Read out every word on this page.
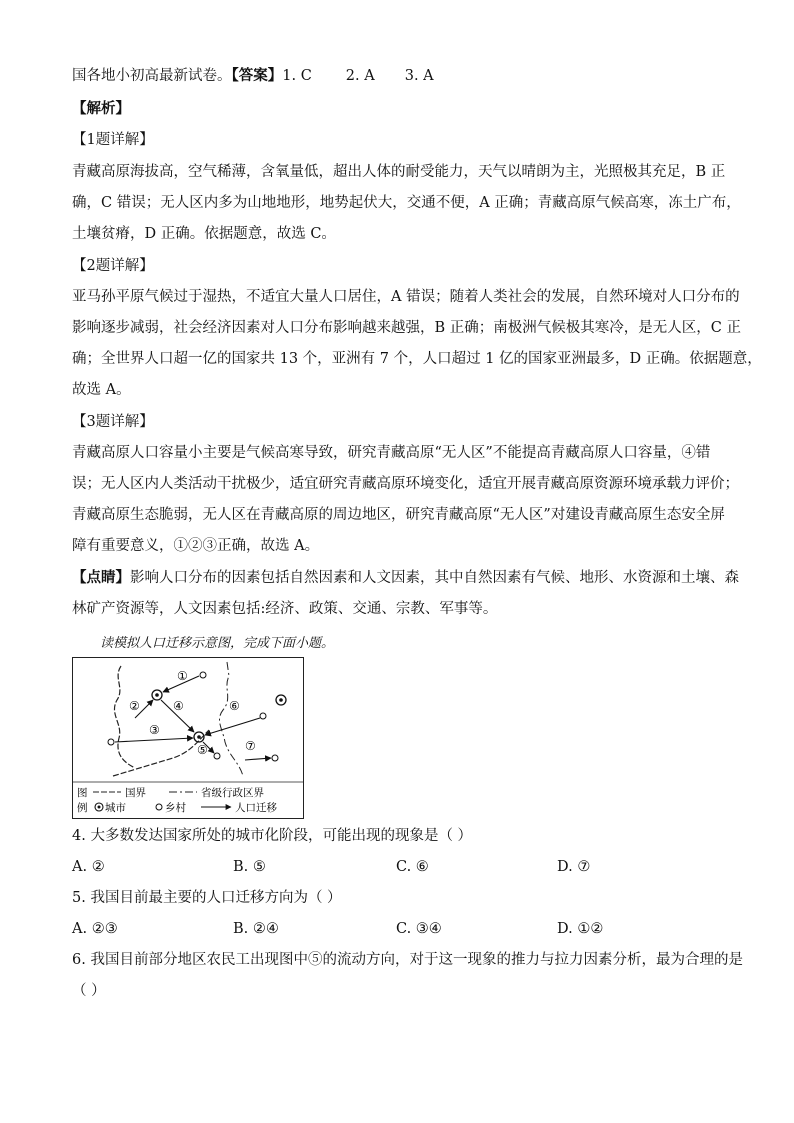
国各地小初高最新试卷。【答案】1. C 2. A 3. A
【解析】
【1题详解】
青藏高原海拔高，空气稀薄，含氧量低，超出人体的耐受能力，天气以晴朗为主，光照极其充足，B 正
确，C 错误；无人区内多为山地地形，地势起伏大，交通不便，A 正确；青藏高原气候高寒，冻土广布，
土壤贫瘠，D 正确。依据题意，故选 C。
【2题详解】
亚马孙平原气候过于湿热，不适宜大量人口居住，A 错误；随着人类社会的发展，自然环境对人口分布的
影响逐步减弱，社会经济因素对人口分布影响越来越强，B 正确；南极洲气候极其寒冷，是无人区，C 正
确；全世界人口超一亿的国家共 13 个，亚洲有 7 个，人口超过 1 亿的国家亚洲最多，D 正确。依据题意，
故选 A。
【3题详解】
青藏高原人口容量小主要是气候高寒导致，研究青藏高原“无人区”不能提高青藏高原人口容量，④错
误；无人区内人类活动干扰极少，适宜研究青藏高原环境变化，适宜开展青藏高原资源环境承载力评价；
青藏高原生态脆弱，无人区在青藏高原的周边地区，研究青藏高原“无人区”对建设青藏高原生态安全屏
障有重要意义，①②③正确，故选 A。
【点睛】影响人口分布的因素包括自然因素和人文因素，其中自然因素有气候、地形、水资源和土壤、森
林矿产资源等，人文因素包括:经济、政策、交通、宗教、军事等。
读模拟人口迁移示意图，完成下面小题。
①
②
③
④
⑤
⑥
⑦
图
例
国界	省级行政区界
城市	乡村	人口迁移
4. 大多数发达国家所处的城市化阶段，可能出现的现象是（ ）
A. ②	B. ⑤	C. ⑥	D. ⑦
5. 我国目前最主要的人口迁移方向为（ ）
A. ②③	B. ②④	C. ③④	D. ①②
6. 我国目前部分地区农民工出现图中⑤的流动方向，对于这一现象的推力与拉力因素分析，最为合理的是
（ ）
